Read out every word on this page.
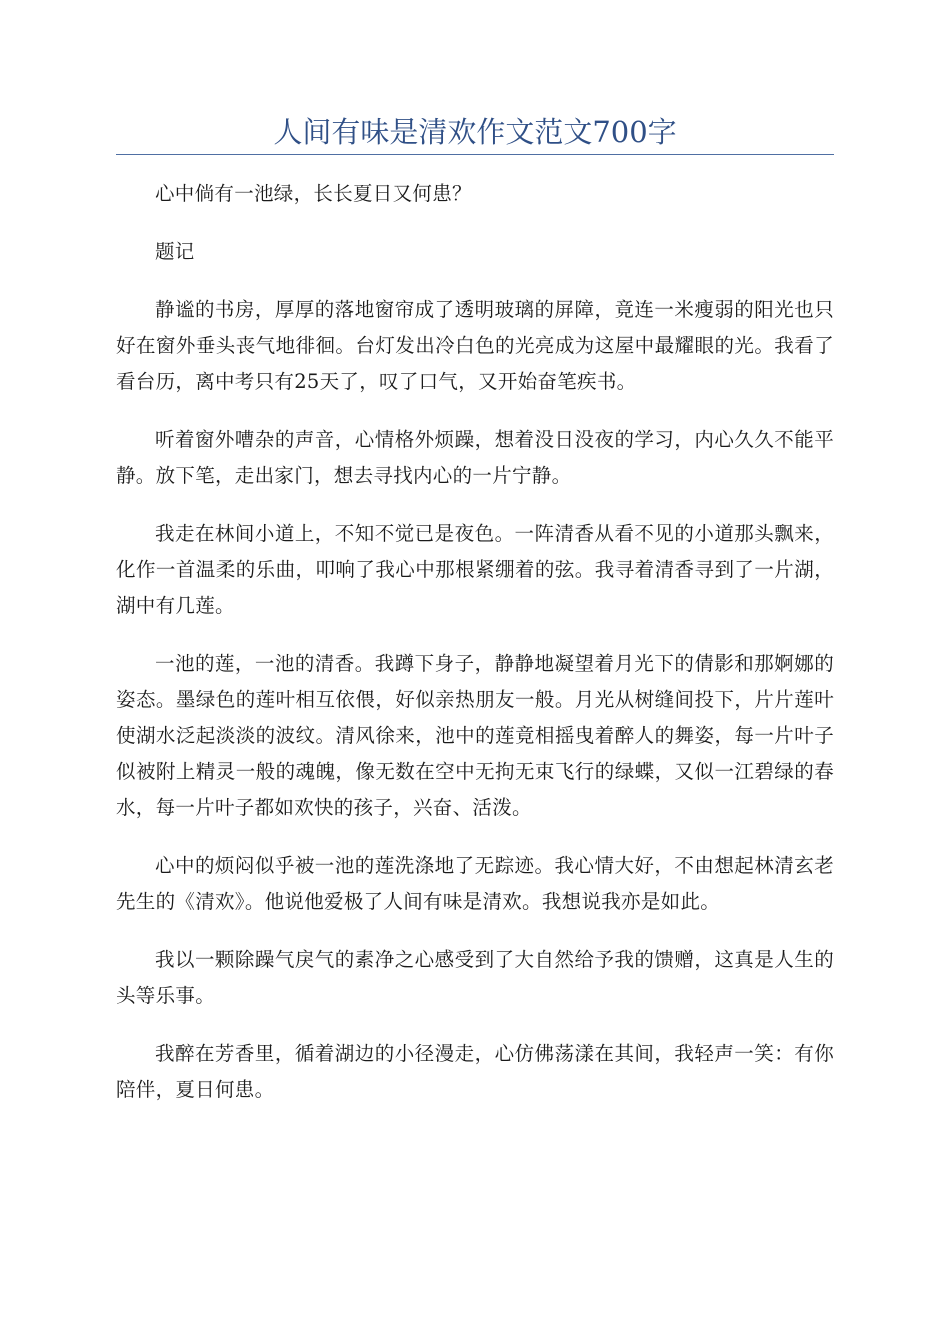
人间有味是清欢作文范文700字

心中倘有一池绿，长长夏日又何患？

题记

静谧的书房，厚厚的落地窗帘成了透明玻璃的屏障，竟连一米瘦弱的阳光也只好在窗外垂头丧气地徘徊。台灯发出冷白色的光亮成为这屋中最耀眼的光。我看了看台历，离中考只有25天了，叹了口气，又开始奋笔疾书。

听着窗外嘈杂的声音，心情格外烦躁，想着没日没夜的学习，内心久久不能平静。放下笔，走出家门，想去寻找内心的一片宁静。

我走在林间小道上，不知不觉已是夜色。一阵清香从看不见的小道那头飘来，化作一首温柔的乐曲，叩响了我心中那根紧绷着的弦。我寻着清香寻到了一片湖，湖中有几莲。

一池的莲，一池的清香。我蹲下身子，静静地凝望着月光下的倩影和那婀娜的姿态。墨绿色的莲叶相互依偎，好似亲热朋友一般。月光从树缝间投下，片片莲叶使湖水泛起淡淡的波纹。清风徐来，池中的莲竟相摇曳着醉人的舞姿，每一片叶子似被附上精灵一般的魂魄，像无数在空中无拘无束飞行的绿蝶，又似一江碧绿的春水，每一片叶子都如欢快的孩子，兴奋、活泼。

心中的烦闷似乎被一池的莲洗涤地了无踪迹。我心情大好，不由想起林清玄老先生的《清欢》。他说他爱极了人间有味是清欢。我想说我亦是如此。

我以一颗除躁气戾气的素净之心感受到了大自然给予我的馈赠，这真是人生的头等乐事。

我醉在芳香里，循着湖边的小径漫走，心仿佛荡漾在其间，我轻声一笑：有你陪伴，夏日何患。
